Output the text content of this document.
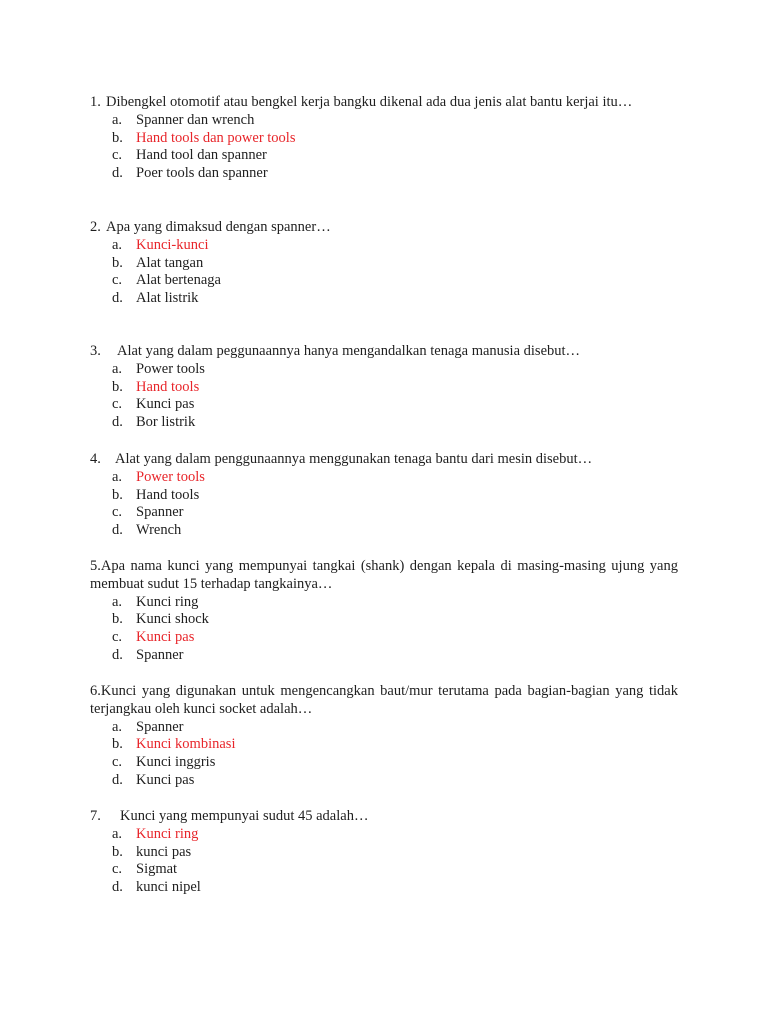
1. Dibengkel otomotif atau bengkel kerja bangku dikenal ada dua jenis alat bantu kerjai itu…

a. Spanner dan wrench
b. Hand tools dan power tools
c. Hand tool dan spanner
d. Poer tools dan spanner

2. Apa yang dimaksud dengan spanner…

a. Kunci-kunci
b. Alat tangan
c. Alat bertenaga
d. Alat listrik

3. Alat yang dalam peggunaannya hanya mengandalkan tenaga manusia disebut…

a. Power tools
b. Hand tools
c. Kunci pas
d. Bor listrik

4. Alat yang dalam penggunaannya menggunakan tenaga bantu dari mesin disebut…

a. Power tools
b. Hand tools
c. Spanner
d. Wrench

5.Apa nama kunci yang mempunyai tangkai (shank) dengan kepala di masing-masing ujung yang membuat sudut 15 terhadap tangkainya…

a. Kunci ring
b. Kunci shock
c. Kunci pas
d. Spanner

6.Kunci yang digunakan untuk mengencangkan baut/mur terutama pada bagian-bagian yang tidak terjangkau oleh kunci socket adalah…

a. Spanner
b. Kunci kombinasi
c. Kunci inggris
d. Kunci pas

7. Kunci yang mempunyai sudut 45 adalah…

a. Kunci ring
b. kunci pas
c. Sigmat
d. kunci nipel
